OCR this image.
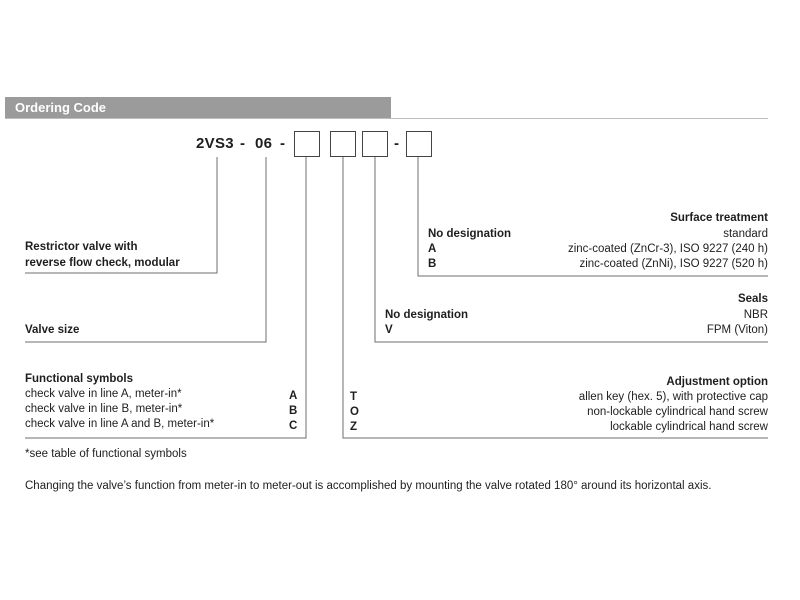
Ordering Code
2VS3 - 06 -	-
Surface treatment
No designation	standard
A	zinc-coated (ZnCr-3), ISO 9227 (240 h)
B	zinc-coated (ZnNi), ISO 9227 (520 h)
Restrictor valve with
reverse flow check, modular
Seals
No designation	NBR
V	FPM (Viton)
Valve size
Functional symbols
check valve in line A, meter-in*	A
check valve in line B, meter-in*	B
check valve in line A and B, meter-in*	C
Adjustment option
T	allen key (hex. 5), with protective cap
O	non-lockable cylindrical hand screw
Z	lockable cylindrical hand screw
*see table of functional symbols
Changing the valve’s function from meter-in to meter-out is accomplished by mounting the valve rotated 180° around its horizontal axis.
